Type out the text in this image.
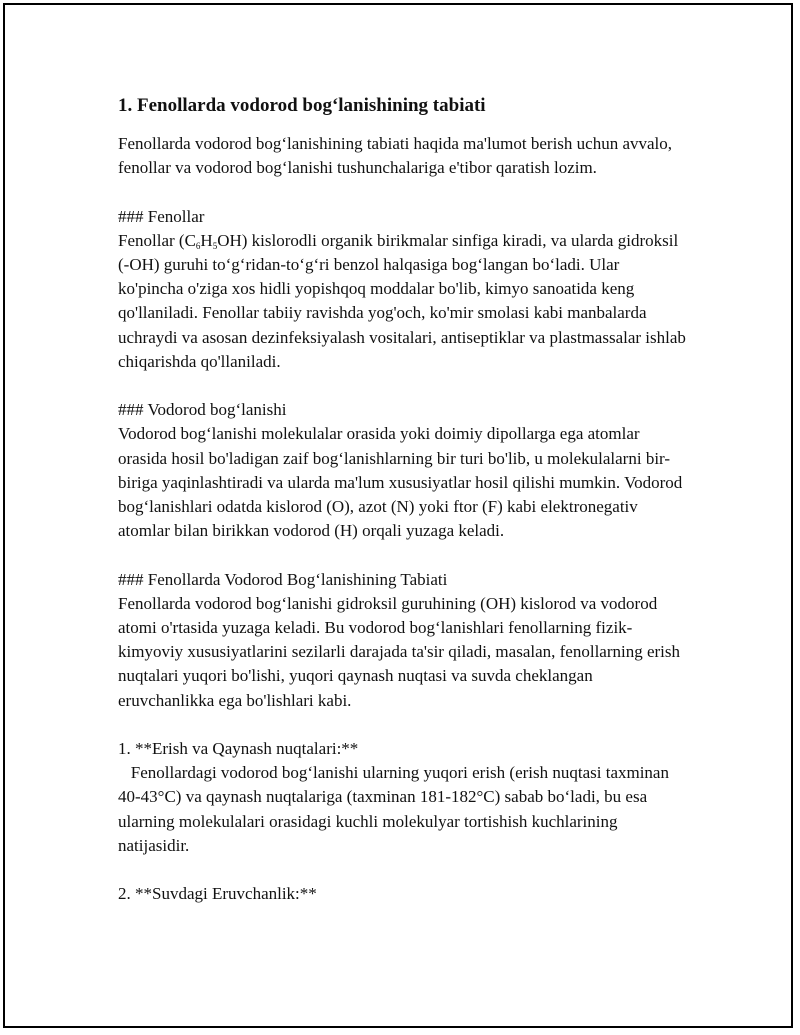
1. Fenollarda vodorod bog‘lanishining tabiati

Fenollarda vodorod bog‘lanishining tabiati haqida ma'lumot berish uchun avvalo, fenollar va vodorod bog‘lanishi tushunchalariga e'tibor qaratish lozim.

### Fenollar

Fenollar $(C_6H_5OH)$ kislorodli organik birikmalar sinfiga kiradi, va ularda gidroksil (-OH) guruhi to‘g‘ridan-to‘g‘ri benzol halqasiga bog‘langan bo‘ladi. Ular ko'pincha o'ziga xos hidli yopishqoq moddalar bo'lib, kimyo sanoatida keng qo'llaniladi. Fenollar tabiiy ravishda yog'och, ko'mir smolasi kabi manbalarda uchraydi va asosan dezinfeksiyalash vositalari, antiseptiklar va plastmassalar ishlab chiqarishda qo'llaniladi.

### Vodorod bog‘lanishi

Vodorod bog‘lanishi molekulalar orasida yoki doimiy dipollarga ega atomlar orasida hosil bo'ladigan zaif bog‘lanishlarning bir turi bo'lib, u molekulalarni bir-biriga yaqinlashtiradi va ularda ma'lum xususiyatlar hosil qilishi mumkin. Vodorod bog‘lanishlari odatda kislorod (O), azot (N) yoki ftor (F) kabi elektronegativ atomlar bilan birikkan vodorod (H) orqali yuzaga keladi.

### Fenollarda Vodorod Bog‘lanishining Tabiati

Fenollarda vodorod bog‘lanishi gidroksil guruhining (OH) kislorod va vodorod atomi o'rtasida yuzaga keladi. Bu vodorod bog‘lanishlari fenollarning fizik-kimyoviy xususiyatlarini sezilarli darajada ta'sir qiladi, masalan, fenollarning erish nuqtalari yuqori bo'lishi, yuqori qaynash nuqtasi va suvda cheklangan eruvchanlikka ega bo'lishlari kabi.

1. **Erish va Qaynash nuqtalari:**

Fenollardagi vodorod bog‘lanishi ularning yuqori erish (erish nuqtasi taxminan 40-43°C) va qaynash nuqtalariga (taxminan 181-182°C) sabab bo‘ladi, bu esa ularning molekulalari orasidagi kuchli molekulyar tortishish kuchlarining natijasidir.

2. **Suvdagi Eruvchanlik:**
